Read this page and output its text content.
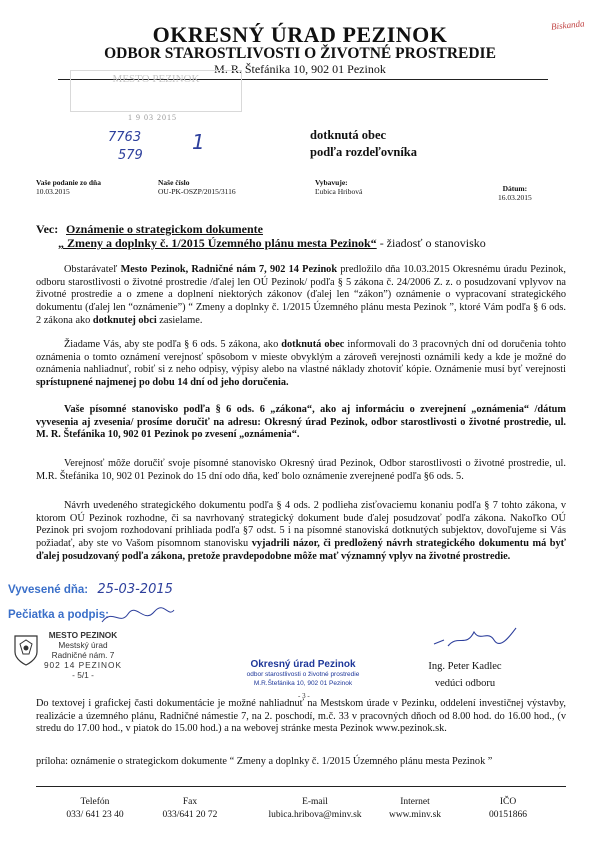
Biskanda
OKRESNÝ ÚRAD PEZINOK
ODBOR STAROSTLIVOSTI O ŽIVOTNÉ PROSTREDIE
M. R. Štefánika 10, 902 01 Pezinok
MESTO PEZINOK
1 9 03 2015
7763
579
1	dotknutá obec
podľa rozdeľovníka
Vaše podanie zo dňa
10.03.2015
Naše číslo
OU-PK-OSZP/2015/3116
Vybavuje:
Ľubica Hribová	Dátum:
16.03.2015
Vec: Oznámenie o strategickom dokumente
„ Zmeny a doplnky č. 1/2015 Územného plánu mesta Pezinok“ - žiadosť o stanovisko

Obstarávateľ Mesto Pezinok, Radničné nám 7, 902 14 Pezinok predložilo dňa 10.03.2015 Okresnému úradu Pezinok, odboru starostlivosti o životné prostredie /ďalej len OÚ Pezinok/ podľa § 5 zákona č. 24/2006 Z. z. o posudzovaní vplyvov na životné prostredie a o zmene a doplnení niektorých zákonov (ďalej len “zákon”) oznámenie o vypracovaní strategického dokumentu (ďalej len “oznámenie”) “ Zmeny a doplnky č. 1/2015 Územného plánu mesta Pezinok ”, ktoré Vám podľa § 6 ods. 2 zákona ako dotknutej obci zasielame.

Žiadame Vás, aby ste podľa § 6 ods. 5 zákona, ako dotknutá obec informovali do 3 pracovných dní od doručenia tohto oznámenia o tomto oznámení verejnosť spôsobom v mieste obvyklým a zároveň verejnosti oznámili kedy a kde je možné do oznámenia nahliadnuť, robiť si z neho odpisy, výpisy alebo na vlastné náklady zhotoviť kópie. Oznámenie musí byť verejnosti sprístupnené najmenej po dobu 14 dní od jeho doručenia.

Vaše písomné stanovisko podľa § 6 ods. 6 „zákona“, ako aj informáciu o zverejnení „oznámenia“ /dátum vyvesenia aj zvesenia/ prosíme doručiť na adresu: Okresný úrad Pezinok, odbor starostlivosti o životné prostredie, ul. M. R. Štefánika 10, 902 01 Pezinok po zvesení „oznámenia“.

Verejnosť môže doručiť svoje písomné stanovisko Okresný úrad Pezinok, Odbor starostlivosti o životné prostredie, ul. M.R. Štefánika 10, 902 01 Pezinok do 15 dní odo dňa, keď bolo oznámenie zverejnené podľa §6 ods. 5.

Návrh uvedeného strategického dokumentu podľa § 4 ods. 2 podlieha zisťovaciemu konaniu podľa § 7 tohto zákona, v ktorom OÚ Pezinok rozhodne, či sa navrhovaný strategický dokument bude ďalej posudzovať podľa zákona. Nakoľko OÚ Pezinok pri svojom rozhodovaní prihliada podľa §7 odst. 5 i na písomné stanoviská dotknutých subjektov, dovoľujeme si Vás požiadať, aby ste vo Vašom písomnom stanovisku vyjadrili názor, či predložený návrh strategického dokumentu má byť ďalej posudzovaný podľa zákona, pretože pravdepodobne môže mať významný vplyv na životné prostredie.

Vyvesené dňa: 25-03-2015
Pečiatka a podpis:
MESTO PEZINOK
Mestský úrad
Radničné nám. 7
902 14 PEZINOK
- 5/1 -
Okresný úrad Pezinok
odbor starostlivosti o životné prostredie
M.R.Štefánika 10, 902 01 Pezinok
- 3 -
Ing. Peter Kadlec
vedúci odboru
Do textovej i grafickej časti dokumentácie je možné nahliadnuť na Mestskom úrade v Pezinku, oddelení investičnej výstavby, realizácie a územného plánu, Radničné námestie 7, na 2. poschodí, m.č. 33 v pracovných dňoch od 8.00 hod. do 16.00 hod., (v stredu do 17.00 hod., v piatok do 15.00 hod.) a na webovej stránke mesta Pezinok www.pezinok.sk.
príloha: oznámenie o strategickom dokumente “ Zmeny a doplnky č. 1/2015 Územného plánu mesta Pezinok ”
Telefón
033/ 641 23 40
Fax
033/641 20 72
E-mail
lubica.hribova@minv.sk
Internet
www.minv.sk
IČO
00151866
